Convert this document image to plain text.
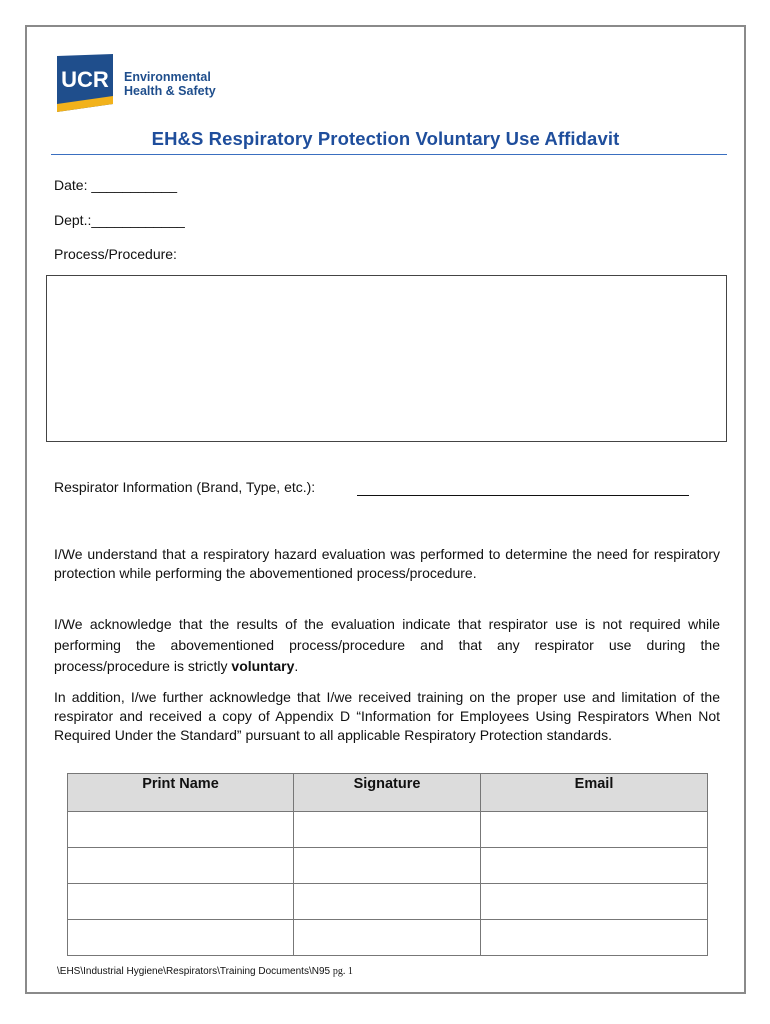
UCR Environmental
Health & Safety
EH&S Respiratory Protection Voluntary Use Affidavit
Date: ___________
Dept.:____________
Process/Procedure:
Respirator Information (Brand, Type, etc.):
I/We understand that a respiratory hazard evaluation was performed to determine the need for respiratory protection while performing the abovementioned process/procedure.
I/We acknowledge that the results of the evaluation indicate that respirator use is not required while performing the abovementioned process/procedure and that any respirator use during the process/procedure is strictly voluntary.
In addition, I/we further acknowledge that I/we received training on the proper use and limitation of the respirator and received a copy of Appendix D “Information for Employees Using Respirators When Not Required Under the Standard” pursuant to all applicable Respiratory Protection standards.
Print Name	Signature	Email

\EHS\Industrial Hygiene\Respirators\Training Documents\N95 pg. 1
